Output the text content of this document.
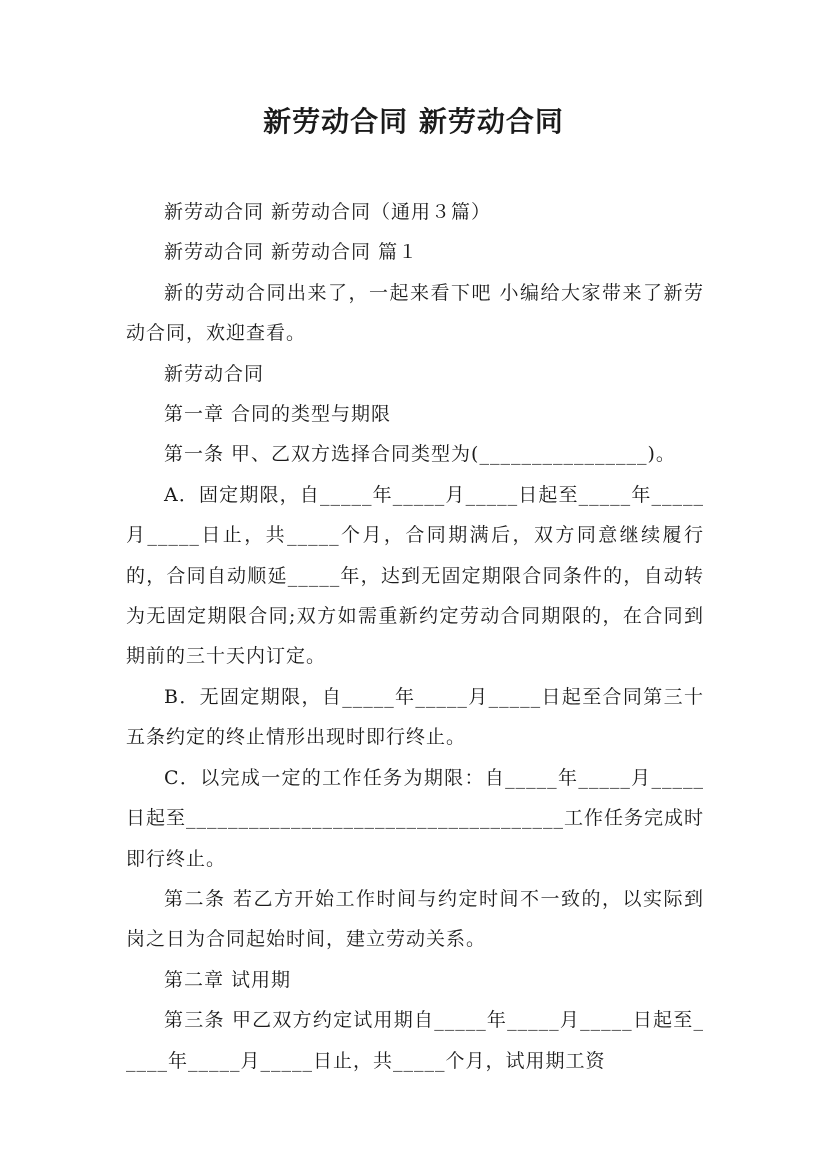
新劳动合同 新劳动合同

新劳动合同 新劳动合同（通用３篇）

新劳动合同 新劳动合同 篇１

新的劳动合同出来了，一起来看下吧 小编给大家带来了新劳动合同，欢迎查看。

新劳动合同

第一章 合同的类型与期限

第一条 甲、乙双方选择合同类型为(________________)。

A．固定期限，自_____年_____月_____日起至_____年_____月_____日止，共_____个月，合同期满后，双方同意继续履行的，合同自动顺延_____年，达到无固定期限合同条件的，自动转为无固定期限合同;双方如需重新约定劳动合同期限的，在合同到期前的三十天内订定。

B．无固定期限，自_____年_____月_____日起至合同第三十五条约定的终止情形出现时即行终止。

C．以完成一定的工作任务为期限：自_____年_____月_____日起至____________________________________工作任务完成时即行终止。

第二条 若乙方开始工作时间与约定时间不一致的，以实际到岗之日为合同起始时间，建立劳动关系。

第二章 试用期

第三条 甲乙双方约定试用期自_____年_____月_____日起至_____年_____月_____日止，共_____个月，试用期工资
